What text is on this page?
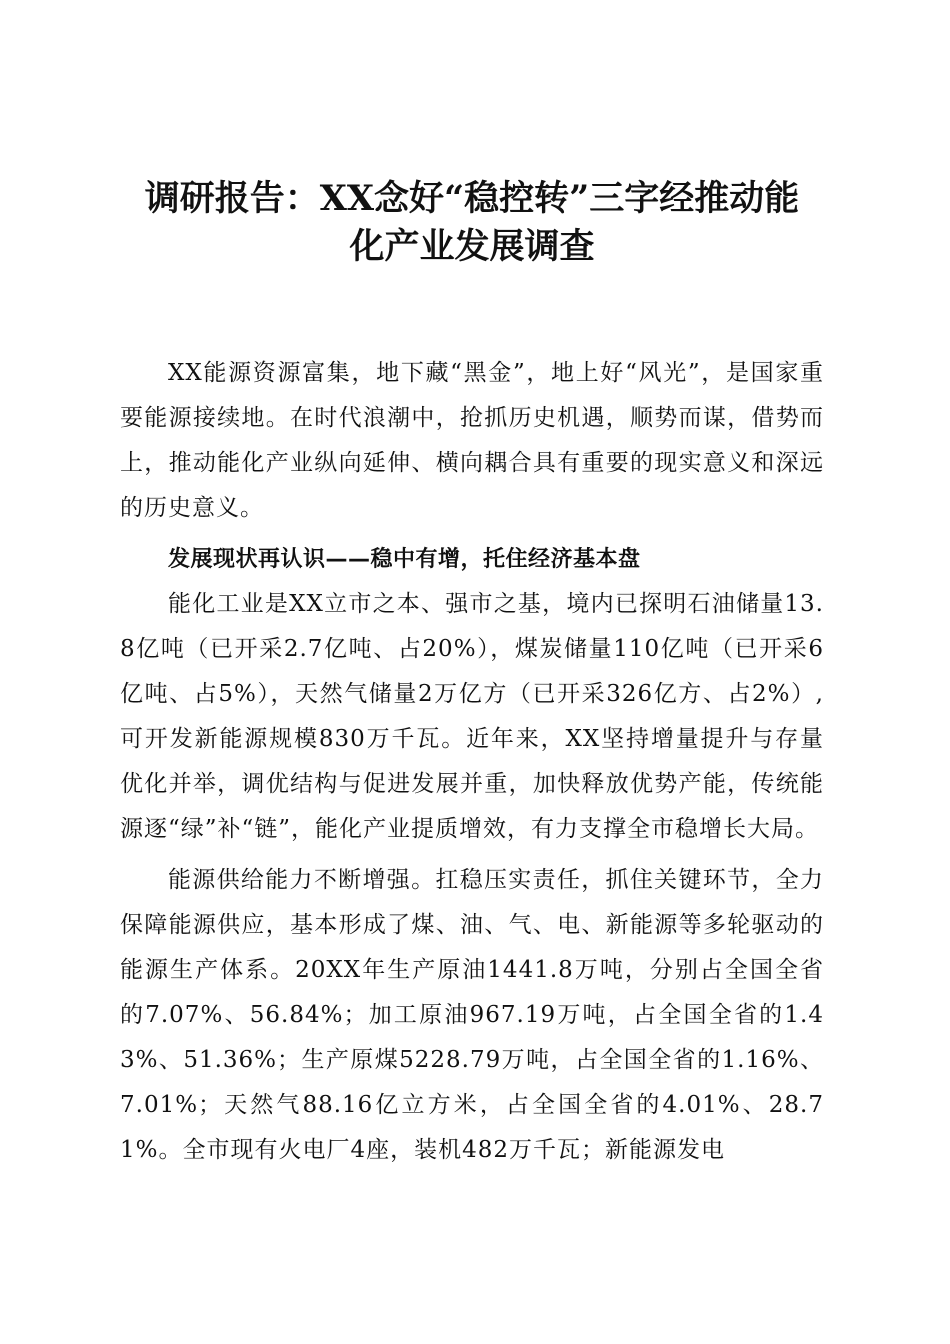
调研报告：XX念好“稳控转”三字经推动能
化产业发展调查

XX能源资源富集，地下藏“黑金”，地上好“风光”，是国家重要能源接续地。在时代浪潮中，抢抓历史机遇，顺势而谋，借势而上，推动能化产业纵向延伸、横向耦合具有重要的现实意义和深远的历史意义。

发展现状再认识——稳中有增，托住经济基本盘

能化工业是XX立市之本、强市之基，境内已探明石油储量13.8亿吨（已开采2.7亿吨、占20%），煤炭储量110亿吨（已开采6亿吨、占5%），天然气储量2万亿方（已开采326亿方、占2%）,可开发新能源规模830万千瓦。近年来，XX坚持增量提升与存量优化并举，调优结构与促进发展并重，加快释放优势产能，传统能源逐“绿”补“链”，能化产业提质增效，有力支撑全市稳增长大局。

能源供给能力不断增强。扛稳压实责任，抓住关键环节，全力保障能源供应，基本形成了煤、油、气、电、新能源等多轮驱动的能源生产体系。20XX年生产原油1441.8万吨，分别占全国全省的7.07%、56.84%；加工原油967.19万吨，占全国全省的1.43%、51.36%；生产原煤5228.79万吨，占全国全省的1.16%、7.01%；天然气88.16亿立方米，占全国全省的4.01%、28.71%。全市现有火电厂4座，装机482万千瓦；新能源发电
